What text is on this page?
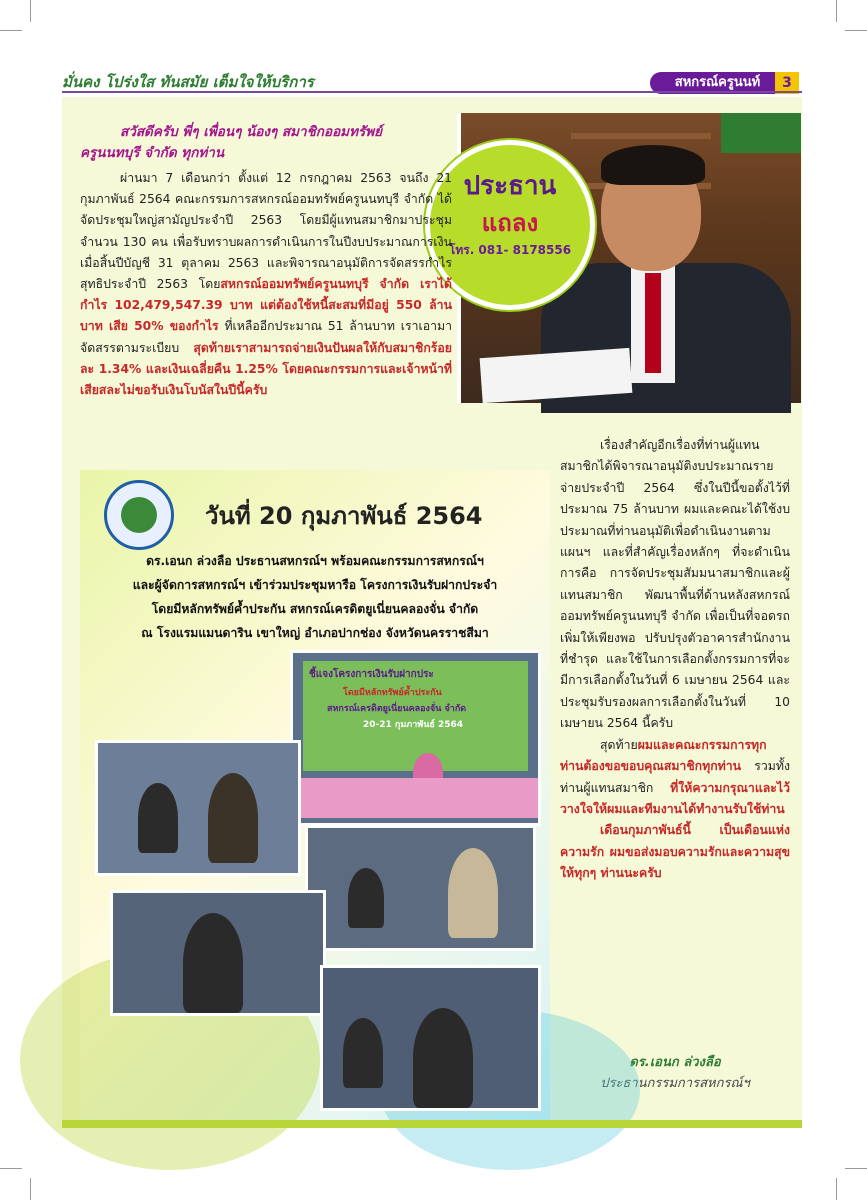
มั่นคง โปร่งใส ทันสมัย เต็มใจให้บริการ	สหกรณ์ครูนนท์	3
ประธาน
แถลง
โทร. 081- 8178556
สวัสดีครับ พี่ๆ เพื่อนๆ น้องๆ สมาชิกออมทรัพย์
ครูนนทบุรี จำกัด ทุกท่าน

ผ่านมา 7 เดือนกว่า ตั้งแต่ 12 กรกฎาคม 2563 จนถึง 21 กุมภาพันธ์ 2564 คณะกรรมการสหกรณ์ออมทรัพย์ครูนนทบุรี จำกัด ได้จัดประชุมใหญ่สามัญประจำปี 2563 โดยมีผู้แทนสมาชิกมาประชุมจำนวน 130 คน เพื่อรับทราบผลการดำเนินการในปีงบประมาณการเงินเมื่อสิ้นปีบัญชี 31 ตุลาคม 2563 และพิจารณาอนุมัติการจัดสรรกำไรสุทธิประจำปี 2563 โดยสหกรณ์ออมทรัพย์ครูนนทบุรี จำกัด เราได้กำไร 102,479,547.39 บาท แต่ต้องใช้หนี้สะสมที่มีอยู่ 550 ล้านบาท เสีย 50% ของกำไร ที่เหลืออีกประมาณ 51 ล้านบาท เราเอามาจัดสรรตามระเบียบ สุดท้ายเราสามารถจ่ายเงินปันผลให้กับสมาชิกร้อยละ 1.34% และเงินเฉลี่ยคืน 1.25% โดยคณะกรรมการและเจ้าหน้าที่เสียสละไม่ขอรับเงินโบนัสในปีนี้ครับ

เรื่องสำคัญอีกเรื่องที่ท่านผู้แทนสมาชิกได้พิจารณาอนุมัติงบประมาณรายจ่ายประจำปี 2564 ซึ่งในปีนี้ขอตั้งไว้ที่ประมาณ 75 ล้านบาท ผมและคณะได้ใช้งบประมาณที่ท่านอนุมัติเพื่อดำเนินงานตามแผนฯ และที่สำคัญเรื่องหลักๆ ที่จะดำเนินการคือ การจัดประชุมสัมมนาสมาชิกและผู้แทนสมาชิก พัฒนาพื้นที่ด้านหลังสหกรณ์ออมทรัพย์ครูนนทบุรี จำกัด เพื่อเป็นที่จอดรถเพิ่มให้เพียงพอ ปรับปรุงตัวอาคารสำนักงานที่ชำรุด และใช้ในการเลือกตั้งกรรมการที่จะมีการเลือกตั้งในวันที่ 6 เมษายน 2564 และประชุมรับรองผลการเลือกตั้งในวันที่ 10 เมษายน 2564 นี้ครับ

สุดท้ายผมและคณะกรรมการทุกท่านต้องขอขอบคุณสมาชิกทุกท่าน รวมทั้งท่านผู้แทนสมาชิก ที่ให้ความกรุณาและไว้วางใจให้ผมและทีมงานได้ทำงานรับใช้ท่าน

เดือนกุมภาพันธ์นี้ เป็นเดือนแห่งความรัก ผมขอส่งมอบความรักและความสุขให้ทุกๆ ท่านนะครับ

ดร.เอนก ล่วงลือ
ประธานกรรมการสหกรณ์ฯ
วันที่ 20 กุมภาพันธ์ 2564
ดร.เอนก ล่วงลือ ประธานสหกรณ์ฯ พร้อมคณะกรรมการสหกรณ์ฯ
และผู้จัดการสหกรณ์ฯ เข้าร่วมประชุมหารือ โครงการเงินรับฝากประจำ
โดยมีหลักทรัพย์ค้ำประกัน สหกรณ์เครดิตยูเนี่ยนคลองจั่น จำกัด
ณ โรงแรมแมนดาริน เขาใหญ่ อำเภอปากช่อง จังหวัดนครราชสีมา
ชี้แจงโครงการเงินรับฝากประ
โดยมีหลักทรัพย์ค้ำประกัน
สหกรณ์เครดิตยูเนี่ยนคลองจั่น จำกัด
20-21 กุมภาพันธ์ 2564
